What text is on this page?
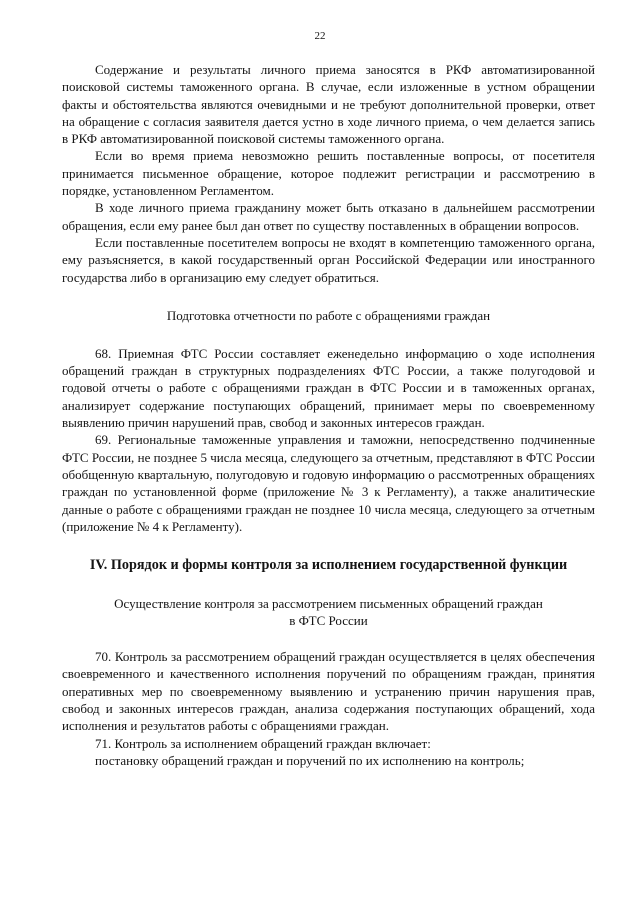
22

Содержание и результаты личного приема заносятся в РКФ автоматизированной поисковой системы таможенного органа. В случае, если изложенные в устном обращении факты и обстоятельства являются очевидными и не требуют дополнительной проверки, ответ на обращение с согласия заявителя дается устно в ходе личного приема, о чем делается запись в РКФ автоматизированной поисковой системы таможенного органа.

Если во время приема невозможно решить поставленные вопросы, от посетителя принимается письменное обращение, которое подлежит регистрации и рассмотрению в порядке, установленном Регламентом.

В ходе личного приема гражданину может быть отказано в дальнейшем рассмотрении обращения, если ему ранее был дан ответ по существу поставленных в обращении вопросов.

Если поставленные посетителем вопросы не входят в компетенцию таможенного органа, ему разъясняется, в какой государственный орган Российской Федерации или иностранного государства либо в организацию ему следует обратиться.

Подготовка отчетности по работе с обращениями граждан

68. Приемная ФТС России составляет еженедельно информацию о ходе исполнения обращений граждан в структурных подразделениях ФТС России, а также полугодовой и годовой отчеты о работе с обращениями граждан в ФТС России и в таможенных органах, анализирует содержание поступающих обращений, принимает меры по своевременному выявлению причин нарушений прав, свобод и законных интересов граждан.

69. Региональные таможенные управления и таможни, непосредственно подчиненные ФТС России, не позднее 5 числа месяца, следующего за отчетным, представляют в ФТС России обобщенную квартальную, полугодовую и годовую информацию о рассмотренных обращениях граждан по установленной форме (приложение № 3 к Регламенту), а также аналитические данные о работе с обращениями граждан не позднее 10 числа месяца, следующего за отчетным (приложение № 4 к Регламенту).

IV. Порядок и формы контроля за исполнением государственной функции

Осуществление контроля за рассмотрением письменных обращений граждан

в ФТС России

70. Контроль за рассмотрением обращений граждан осуществляется в целях обеспечения своевременного и качественного исполнения поручений по обращениям граждан, принятия оперативных мер по своевременному выявлению и устранению причин нарушения прав, свобод и законных интересов граждан, анализа содержания поступающих обращений, хода исполнения и результатов работы с обращениями граждан.

71. Контроль за исполнением обращений граждан включает:

постановку обращений граждан и поручений по их исполнению на контроль;
